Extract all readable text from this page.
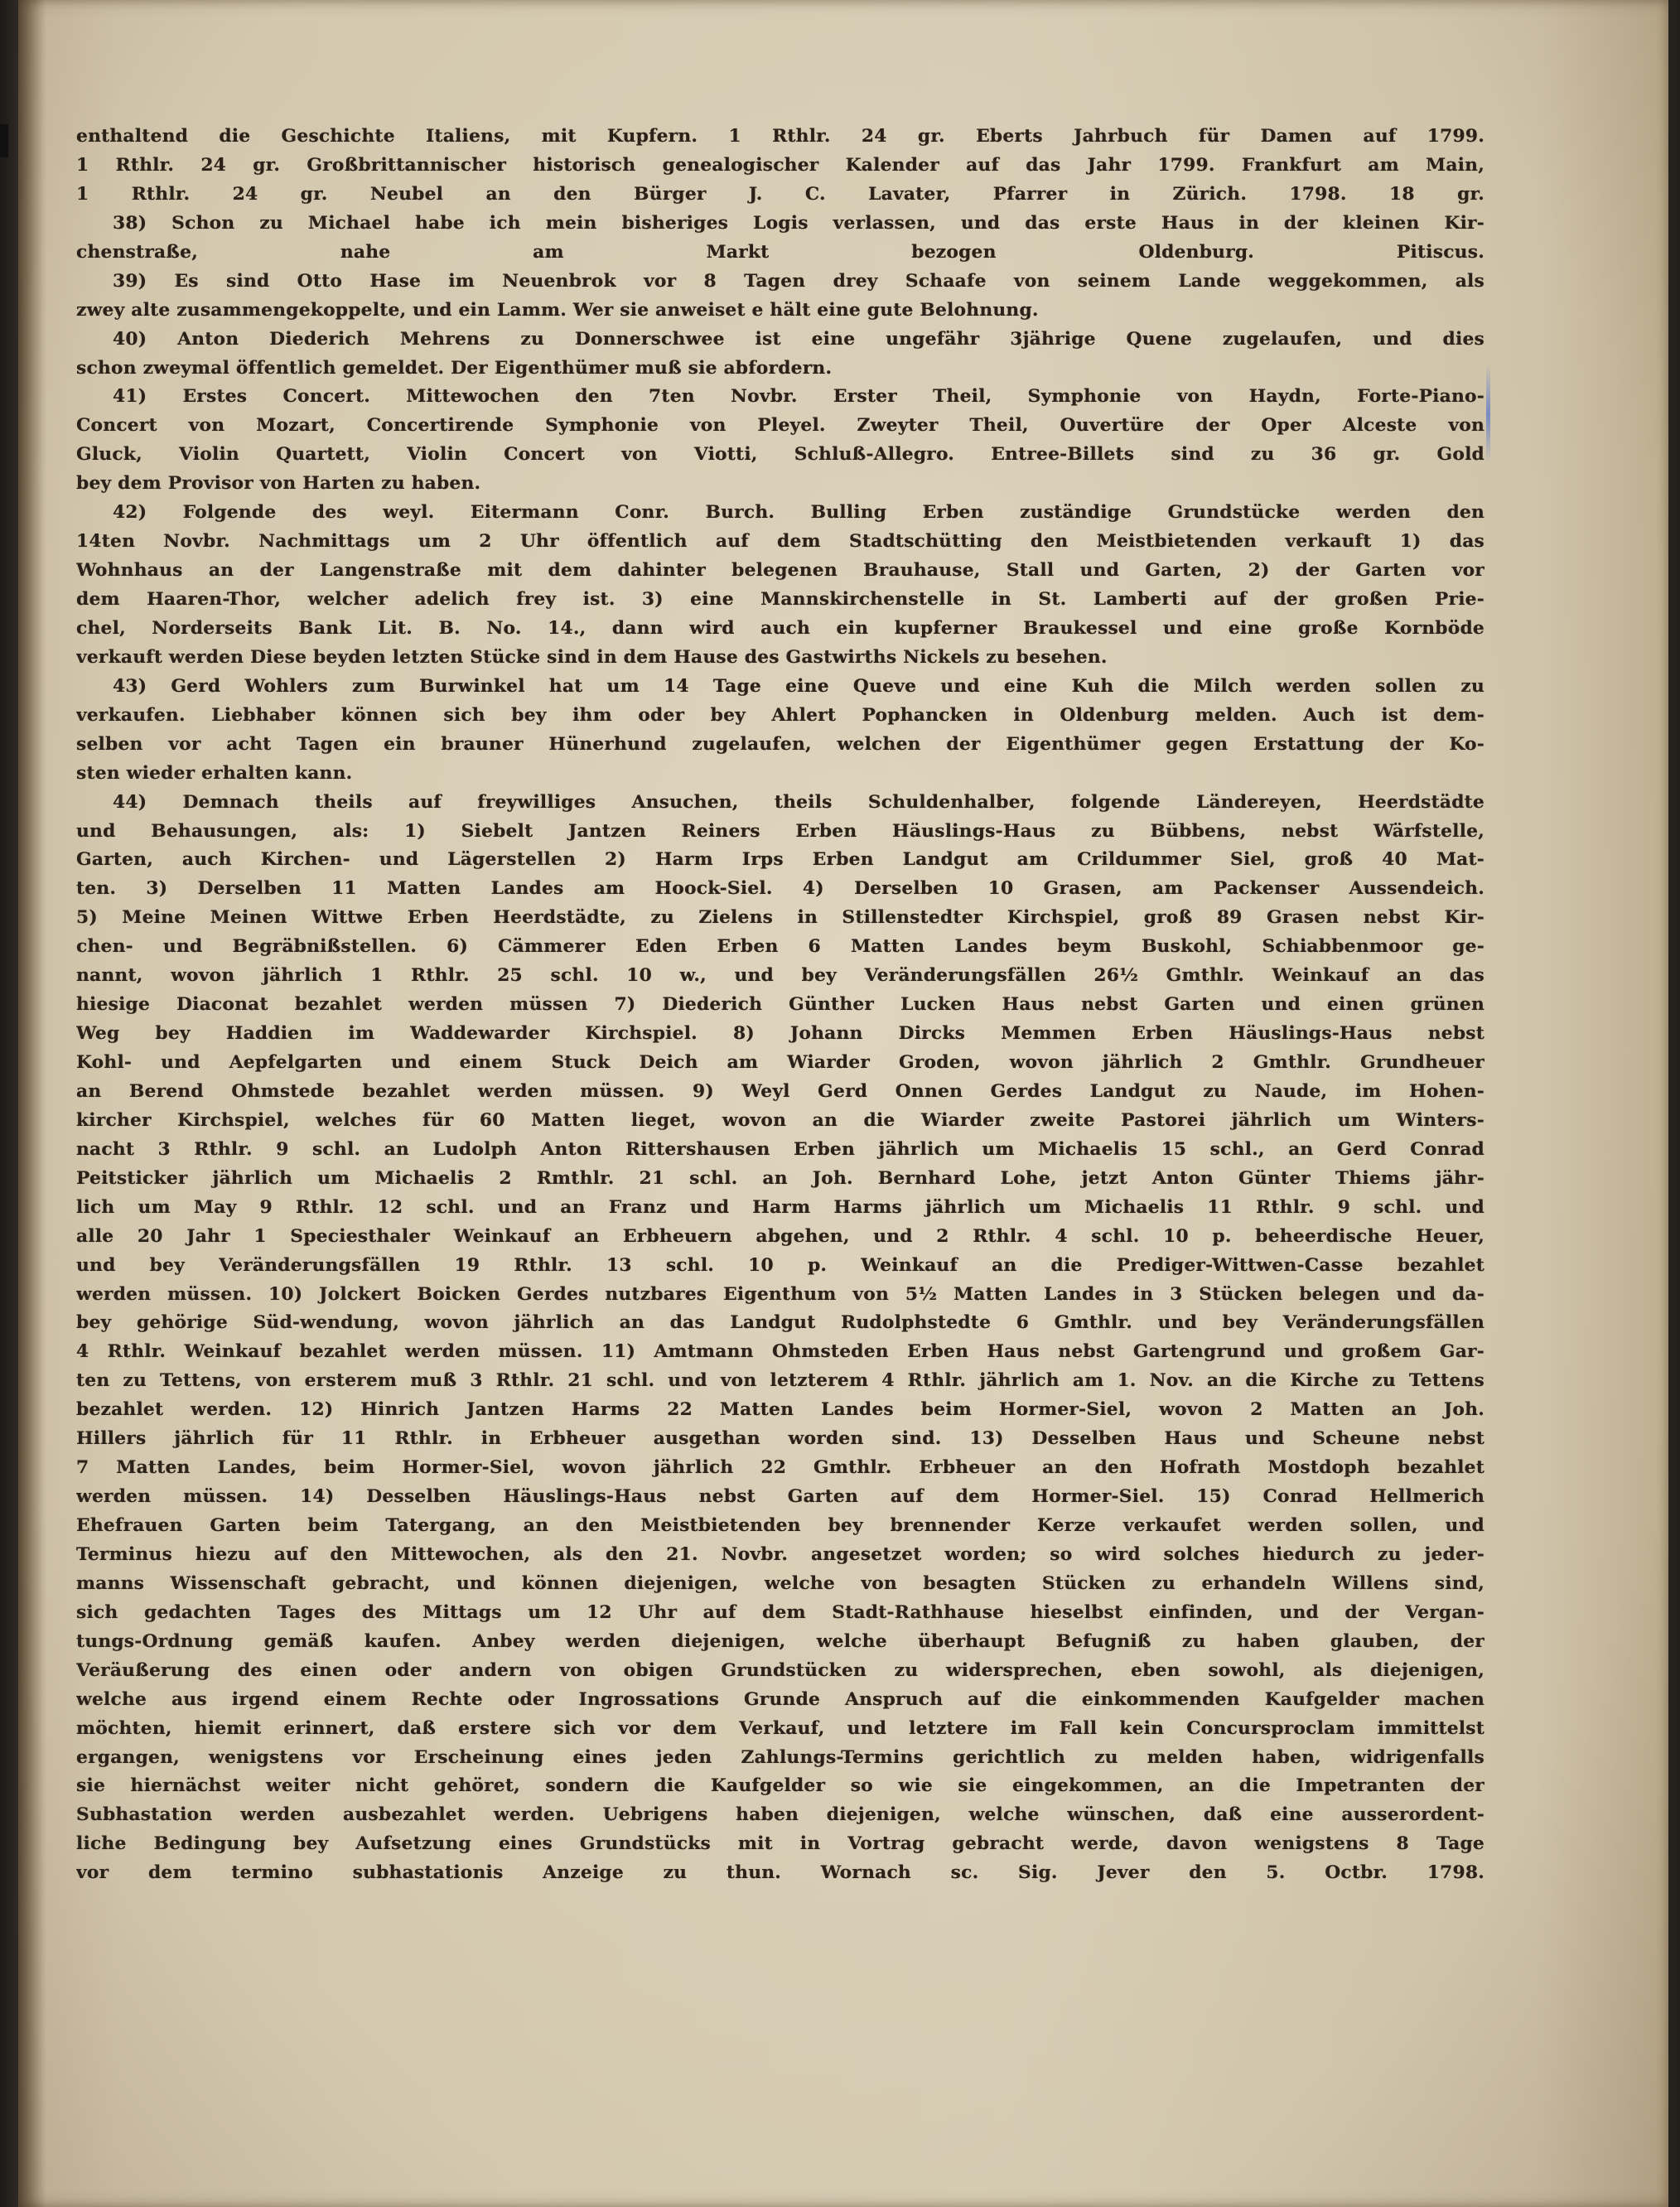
enthaltend die Geschichte Italiens, mit Kupfern. 1 Rthlr. 24 gr. Eberts Jahrbuch für Damen auf 1799.
1 Rthlr. 24 gr. Großbrittannischer historisch genealogischer Kalender auf das Jahr 1799. Frankfurt am Main,
1 Rthlr. 24 gr. Neubel an den Bürger J. C. Lavater, Pfarrer in Zürich. 1798. 18 gr.
38) Schon zu Michael habe ich mein bisheriges Logis verlassen, und das erste Haus in der kleinen Kir-
chenstraße, nahe am Markt bezogen Oldenburg. Pitiscus.
39) Es sind Otto Hase im Neuenbrok vor 8 Tagen drey Schaafe von seinem Lande weggekommen, als
zwey alte zusammengekoppelte, und ein Lamm. Wer sie anweiset e hält eine gute Belohnung.
40) Anton Diederich Mehrens zu Donnerschwee ist eine ungefähr 3jährige Quene zugelaufen, und dies
schon zweymal öffentlich gemeldet. Der Eigenthümer muß sie abfordern.
41) Erstes Concert. Mittewochen den 7ten Novbr. Erster Theil, Symphonie von Haydn, Forte-Piano-
Concert von Mozart, Concertirende Symphonie von Pleyel. Zweyter Theil, Ouvertüre der Oper Alceste von
Gluck, Violin Quartett, Violin Concert von Viotti, Schluß-Allegro. Entree-Billets sind zu 36 gr. Gold
bey dem Provisor von Harten zu haben.
42) Folgende des weyl. Eitermann Conr. Burch. Bulling Erben zuständige Grundstücke werden den
14ten Novbr. Nachmittags um 2 Uhr öffentlich auf dem Stadtschütting den Meistbietenden verkauft 1) das
Wohnhaus an der Langenstraße mit dem dahinter belegenen Brauhause, Stall und Garten, 2) der Garten vor
dem Haaren-Thor, welcher adelich frey ist. 3) eine Mannskirchenstelle in St. Lamberti auf der großen Prie-
chel, Norderseits Bank Lit. B. No. 14., dann wird auch ein kupferner Braukessel und eine große Kornböde
verkauft werden Diese beyden letzten Stücke sind in dem Hause des Gastwirths Nickels zu besehen.
43) Gerd Wohlers zum Burwinkel hat um 14 Tage eine Queve und eine Kuh die Milch werden sollen zu
verkaufen. Liebhaber können sich bey ihm oder bey Ahlert Pophancken in Oldenburg melden. Auch ist dem-
selben vor acht Tagen ein brauner Hünerhund zugelaufen, welchen der Eigenthümer gegen Erstattung der Ko-
sten wieder erhalten kann.
44) Demnach theils auf freywilliges Ansuchen, theils Schuldenhalber, folgende Ländereyen, Heerdstädte
und Behausungen, als: 1) Siebelt Jantzen Reiners Erben Häuslings-Haus zu Bübbens, nebst Wärfstelle,
Garten, auch Kirchen- und Lägerstellen 2) Harm Irps Erben Landgut am Crildummer Siel, groß 40 Mat-
ten. 3) Derselben 11 Matten Landes am Hoock-Siel. 4) Derselben 10 Grasen, am Packenser Aussendeich.
5) Meine Meinen Wittwe Erben Heerdstädte, zu Zielens in Stillenstedter Kirchspiel, groß 89 Grasen nebst Kir-
chen- und Begräbnißstellen. 6) Cämmerer Eden Erben 6 Matten Landes beym Buskohl, Schiabbenmoor ge-
nannt, wovon jährlich 1 Rthlr. 25 schl. 10 w., und bey Veränderungsfällen 26½ Gmthlr. Weinkauf an das
hiesige Diaconat bezahlet werden müssen 7) Diederich Günther Lucken Haus nebst Garten und einen grünen
Weg bey Haddien im Waddewarder Kirchspiel. 8) Johann Dircks Memmen Erben Häuslings-Haus nebst
Kohl- und Aepfelgarten und einem Stuck Deich am Wiarder Groden, wovon jährlich 2 Gmthlr. Grundheuer
an Berend Ohmstede bezahlet werden müssen. 9) Weyl Gerd Onnen Gerdes Landgut zu Naude, im Hohen-
kircher Kirchspiel, welches für 60 Matten lieget, wovon an die Wiarder zweite Pastorei jährlich um Winters-
nacht 3 Rthlr. 9 schl. an Ludolph Anton Rittershausen Erben jährlich um Michaelis 15 schl., an Gerd Conrad
Peitsticker jährlich um Michaelis 2 Rmthlr. 21 schl. an Joh. Bernhard Lohe, jetzt Anton Günter Thiems jähr-
lich um May 9 Rthlr. 12 schl. und an Franz und Harm Harms jährlich um Michaelis 11 Rthlr. 9 schl. und
alle 20 Jahr 1 Speciesthaler Weinkauf an Erbheuern abgehen, und 2 Rthlr. 4 schl. 10 p. beheerdische Heuer,
und bey Veränderungsfällen 19 Rthlr. 13 schl. 10 p. Weinkauf an die Prediger-Wittwen-Casse bezahlet
werden müssen. 10) Jolckert Boicken Gerdes nutzbares Eigenthum von 5½ Matten Landes in 3 Stücken belegen und da-
bey gehörige Süd-wendung, wovon jährlich an das Landgut Rudolphstedte 6 Gmthlr. und bey Veränderungsfällen
4 Rthlr. Weinkauf bezahlet werden müssen. 11) Amtmann Ohmsteden Erben Haus nebst Gartengrund und großem Gar-
ten zu Tettens, von ersterem muß 3 Rthlr. 21 schl. und von letzterem 4 Rthlr. jährlich am 1. Nov. an die Kirche zu Tettens
bezahlet werden. 12) Hinrich Jantzen Harms 22 Matten Landes beim Hormer-Siel, wovon 2 Matten an Joh.
Hillers jährlich für 11 Rthlr. in Erbheuer ausgethan worden sind. 13) Desselben Haus und Scheune nebst
7 Matten Landes, beim Hormer-Siel, wovon jährlich 22 Gmthlr. Erbheuer an den Hofrath Mostdoph bezahlet
werden müssen. 14) Desselben Häuslings-Haus nebst Garten auf dem Hormer-Siel. 15) Conrad Hellmerich
Ehefrauen Garten beim Tatergang, an den Meistbietenden bey brennender Kerze verkaufet werden sollen, und
Terminus hiezu auf den Mittewochen, als den 21. Novbr. angesetzet worden; so wird solches hiedurch zu jeder-
manns Wissenschaft gebracht, und können diejenigen, welche von besagten Stücken zu erhandeln Willens sind,
sich gedachten Tages des Mittags um 12 Uhr auf dem Stadt-Rathhause hieselbst einfinden, und der Vergan-
tungs-Ordnung gemäß kaufen. Anbey werden diejenigen, welche überhaupt Befugniß zu haben glauben, der
Veräußerung des einen oder andern von obigen Grundstücken zu widersprechen, eben sowohl, als diejenigen,
welche aus irgend einem Rechte oder Ingrossations Grunde Anspruch auf die einkommenden Kaufgelder machen
möchten, hiemit erinnert, daß erstere sich vor dem Verkauf, und letztere im Fall kein Concursproclam immittelst
ergangen, wenigstens vor Erscheinung eines jeden Zahlungs-Termins gerichtlich zu melden haben, widrigenfalls
sie hiernächst weiter nicht gehöret, sondern die Kaufgelder so wie sie eingekommen, an die Impetranten der
Subhastation werden ausbezahlet werden. Uebrigens haben diejenigen, welche wünschen, daß eine ausserordent-
liche Bedingung bey Aufsetzung eines Grundstücks mit in Vortrag gebracht werde, davon wenigstens 8 Tage
vor dem termino subhastationis Anzeige zu thun. Wornach sc. Sig. Jever den 5. Octbr. 1798.
